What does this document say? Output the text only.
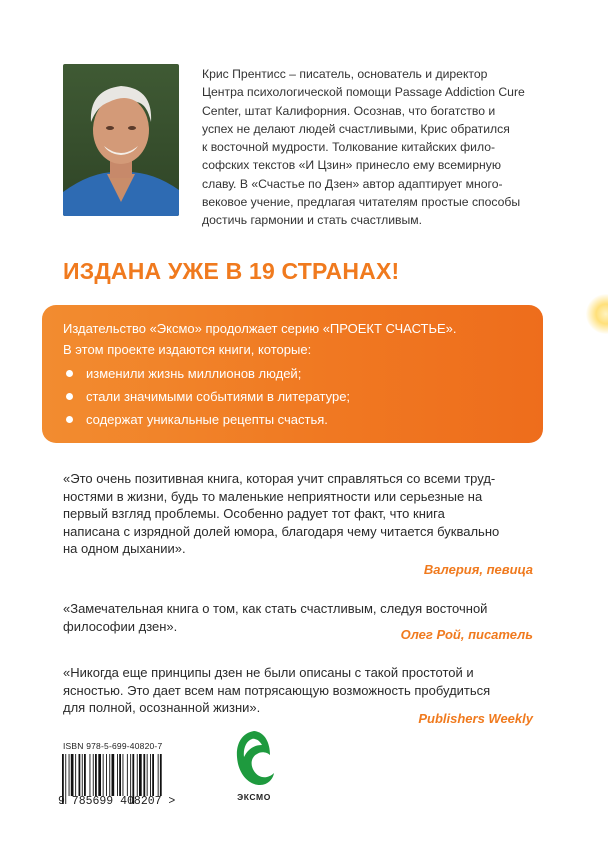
Крис Прентисс – писатель, основатель и директор
Центра психологической помощи Passage Addiction Cure
Center, штат Калифорния. Осознав, что богатство и
успех не делают людей счастливыми, Крис обратился
к восточной мудрости. Толкование китайских фило-
софских текстов «И Цзин» принесло ему всемирную
славу. В «Счастье по Дзен» автор адаптирует много-
вековое учение, предлагая читателям простые способы
достичь гармонии и стать счастливым.
ИЗДАНА УЖЕ В 19 СТРАНАХ!

Издательство «Эксмо» продолжает серию «ПРОЕКТ СЧАСТЬЕ».

В этом проекте издаются книги, которые:

изменили жизнь миллионов людей;
стали значимыми событиями в литературе;
содержат уникальные рецепты счастья.
«Это очень позитивная книга, которая учит справляться со всеми труд-
ностями в жизни, будь то маленькие неприятности или серьезные на
первый взгляд проблемы. Особенно радует тот факт, что книга
написана с изрядной долей юмора, благодаря чему читается буквально
на одном дыхании».

Валерия, певица

«Замечательная книга о том, как стать счастливым, следуя восточной
философии дзен».

Олег Рой, писатель

«Никогда еще принципы дзен не были описаны с такой простотой и
ясностью. Это дает всем нам потрясающую возможность пробудиться
для полной, осознанной жизни».

Publishers Weekly

ISBN 978-5-699-40820-7

9 785699 408207 >	ЭКСМО
